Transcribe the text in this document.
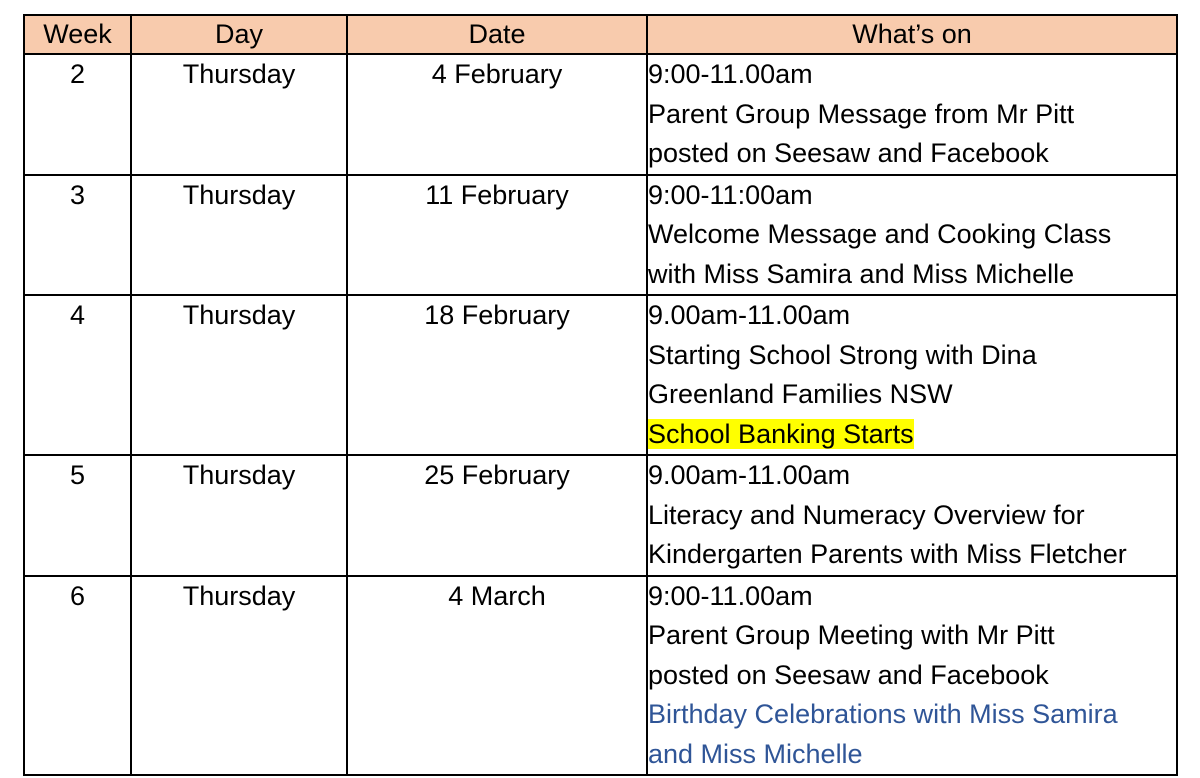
Week	Day	Date	What’s on
2	Thursday	4 February	9:00-11.00am
Parent Group Message from Mr Pitt
posted on Seesaw and Facebook

3	Thursday	11 February	9:00-11:00am
Welcome Message and Cooking Class
with Miss Samira and Miss Michelle

4	Thursday	18 February	9.00am-11.00am
Starting School Strong with Dina
Greenland Families NSW
School Banking Starts

5	Thursday	25 February	9.00am-11.00am
Literacy and Numeracy Overview for
Kindergarten Parents with Miss Fletcher

6	Thursday	4 March	9:00-11.00am
Parent Group Meeting with Mr Pitt
posted on Seesaw and Facebook
Birthday Celebrations with Miss Samira
and Miss Michelle
